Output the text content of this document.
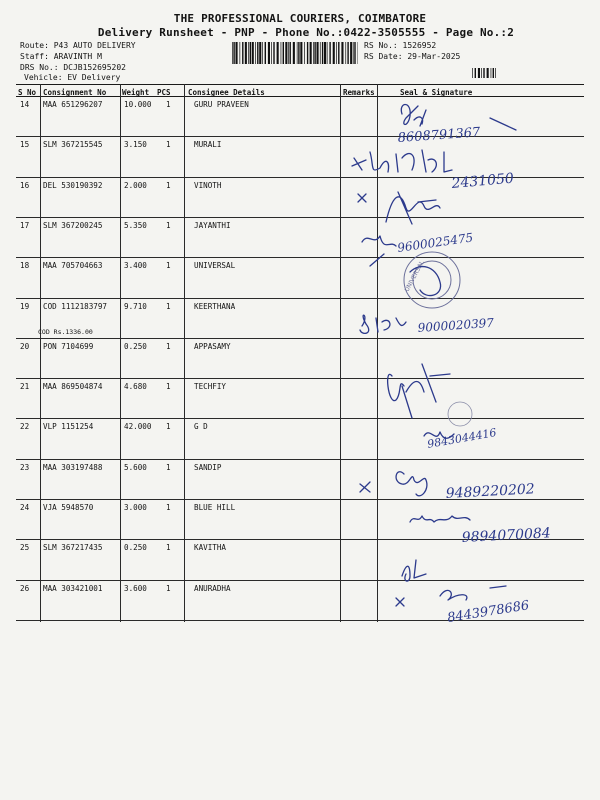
THE PROFESSIONAL COURIERS, COIMBATORE
Delivery Runsheet - PNP - Phone No.:0422-3505555 - Page No.:2
Route: P43 AUTO DELIVERY
Staff: ARAVINTH M
DRS No.: DCJB152695202
Vehicle: EV Delivery
RS No.: 1526952
RS Date: 29-Mar-2025
S No Consignment No Weight PCS Consignee Details	Remarks	Seal & Signature
14 MAA 651296207	10.000 1	GURU PRAVEEN
15 SLM 367215545	3.150	1	MURALI
16 DEL 530190392	2.000	1	VINOTH
17 SLM 367200245	5.350	1	JAYANTHI
18 MAA 705704663	3.400	1	UNIVERSAL
19 COD 1112183797 9.710	1	KEERTHANA
COD Rs.1336.00
20 PON 7104699	0.250	1	APPASAMY
21 MAA 869504874	4.680	1	TECHFIY
22 VLP 1151254	42.000 1	G D
23 MAA 303197488	5.600	1	SANDIP
24 VJA 5948570	3.000	1	BLUE HILL
25 SLM 367217435	0.250	1	KAVITHA
26 MAA 303421001	3.600	1	ANURADHA
8608791367
2431050
9600025475
UNIVERSAL
9000020397
9843044416
9489220202
9894070084
8443978686
